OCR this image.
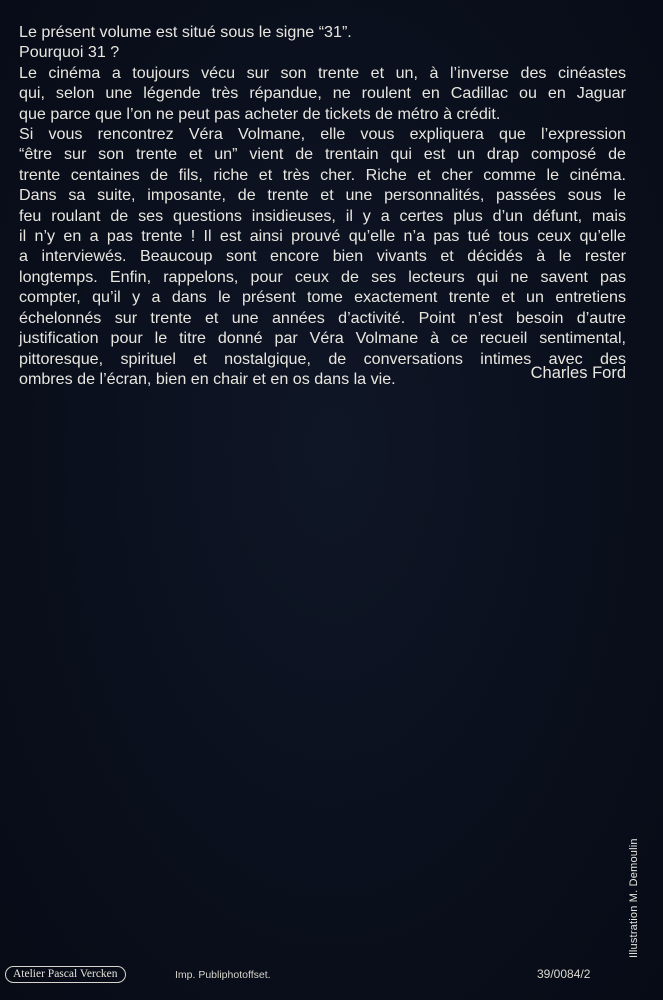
Le présent volume est situé sous le signe “31”.
Pourquoi 31 ?
Le cinéma a toujours vécu sur son trente et un, à l’inverse des cinéastes
qui, selon une légende très répandue, ne roulent en Cadillac ou en Jaguar
que parce que l’on ne peut pas acheter de tickets de métro à crédit.
Si vous rencontrez Véra Volmane, elle vous expliquera que l’expression
“être sur son trente et un” vient de trentain qui est un drap composé de
trente centaines de fils, riche et très cher. Riche et cher comme le cinéma.
Dans sa suite, imposante, de trente et une personnalités, passées sous le
feu roulant de ses questions insidieuses, il y a certes plus d’un défunt, mais
il n’y en a pas trente ! Il est ainsi prouvé qu’elle n’a pas tué tous ceux qu’elle
a interviewés. Beaucoup sont encore bien vivants et décidés à le rester
longtemps. Enfin, rappelons, pour ceux de ses lecteurs qui ne savent pas
compter, qu’il y a dans le présent tome exactement trente et un entretiens
échelonnés sur trente et une années d’activité. Point n’est besoin d’autre
justification pour le titre donné par Véra Volmane à ce recueil sentimental,
pittoresque, spirituel et nostalgique, de conversations intimes avec des
ombres de l’écran, bien en chair et en os dans la vie.	Charles Ford
Illustration M. Demoulin
Atelier Pascal Vercken	Imp. Publiphotoffset.	39/0084/2
